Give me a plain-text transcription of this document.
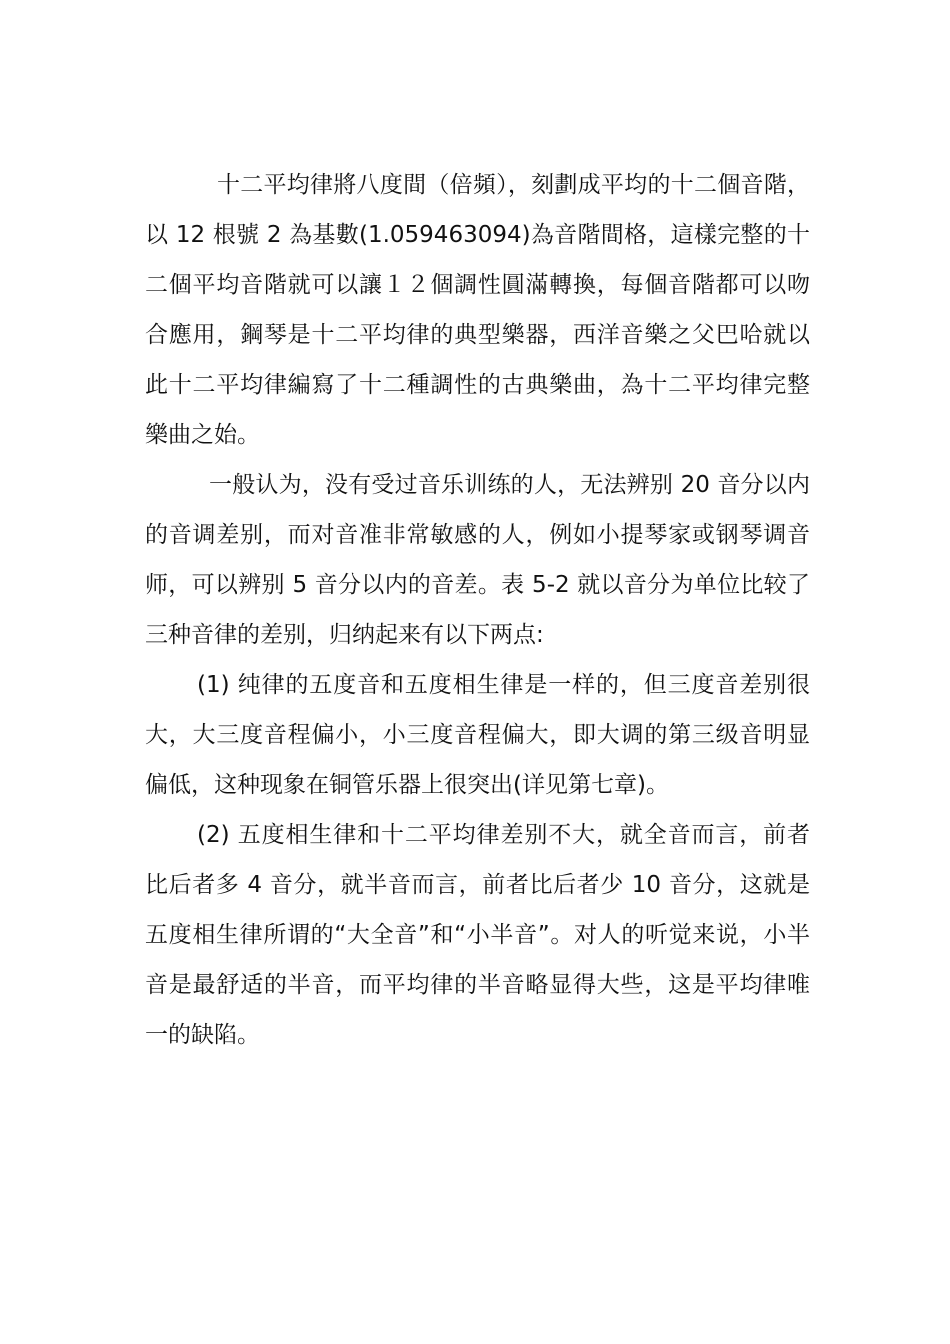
十二平均律將八度間（倍頻），刻劃成平均的十二個音階，以 12 根號 2 為基數(1.059463094)為音階間格，這樣完整的十二個平均音階就可以讓１２個調性圓滿轉換，每個音階都可以吻合應用，鋼琴是十二平均律的典型樂器，西洋音樂之父巴哈就以此十二平均律編寫了十二種調性的古典樂曲，為十二平均律完整樂曲之始。

一般认为，没有受过音乐训练的人，无法辨别 20 音分以内的音调差别，而对音准非常敏感的人，例如小提琴家或钢琴调音师，可以辨别 5 音分以内的音差。表 5-2 就以音分为单位比较了三种音律的差别，归纳起来有以下两点:

(1) 纯律的五度音和五度相生律是一样的，但三度音差别很大，大三度音程偏小，小三度音程偏大，即大调的第三级音明显偏低，这种现象在铜管乐器上很突出(详见第七章)。

(2) 五度相生律和十二平均律差别不大，就全音而言，前者比后者多 4 音分，就半音而言，前者比后者少 10 音分，这就是五度相生律所谓的“大全音”和“小半音”。对人的听觉来说，小半音是最舒适的半音，而平均律的半音略显得大些，这是平均律唯一的缺陷。
